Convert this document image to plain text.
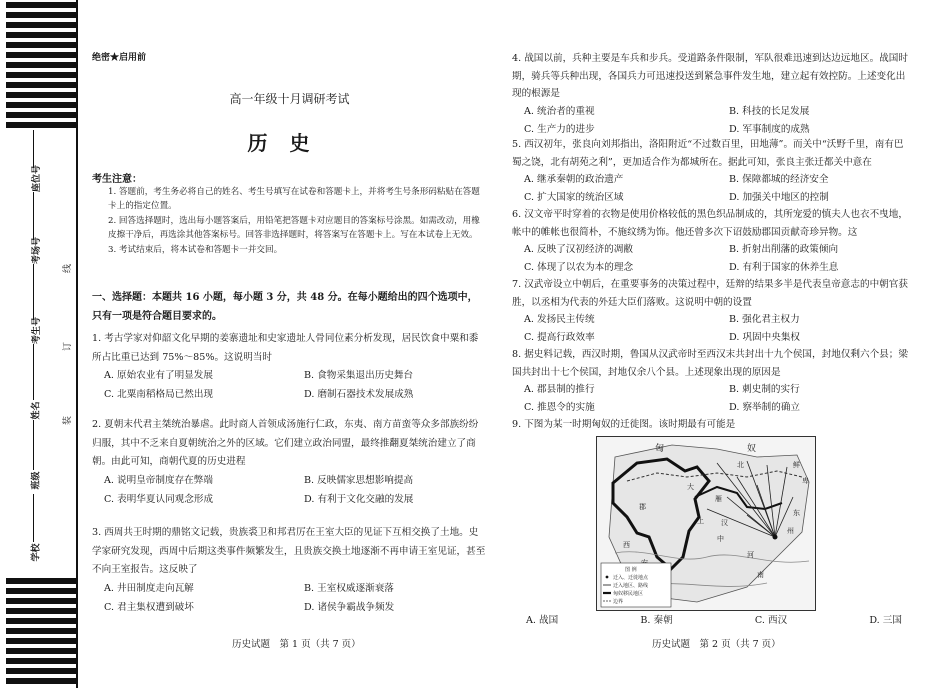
座位号
考场号
考生号
姓名
班级
学校
线
订
装
绝密★启用前
高一年级十月调研考试
历史
考生注意：

1. 答题前，考生务必将自己的姓名、考生号填写在试卷和答题卡上，并将考生号条形码粘贴在答题卡上的指定位置。

2. 回答选择题时，选出每小题答案后，用铅笔把答题卡对应题目的答案标号涂黑。如需改动，用橡皮擦干净后，再选涂其他答案标号。回答非选择题时，将答案写在答题卡上。写在本试卷上无效。

3. 考试结束后，将本试卷和答题卡一并交回。

一、选择题：本题共 16 小题，每小题 3 分，共 48 分。在每小题给出的四个选项中，只有一项是符合题目要求的。

1. 考古学家对仰韶文化早期的姜寨遗址和史家遗址人骨同位素分析发现，居民饮食中粟和黍所占比重已达到 75%～85%。这说明当时

A. 原始农业有了明显发展	B. 食物采集退出历史舞台
C. 北粟南稻格局已然出现	D. 磨制石器技术发展成熟

2. 夏朝末代君主桀统治暴虐。此时商人首领成汤施行仁政，东夷、南方苗蛮等众多部族纷纷归服，其中不乏来自夏朝统治之外的区域。它们建立政治同盟，最终推翻夏桀统治建立了商朝。由此可知，商朝代夏的历史进程

A. 说明皇帝制度存在弊端	B. 反映儒家思想影响提高
C. 表明华夏认同观念形成	D. 有利于文化交融的发展

3. 西周共王时期的鼎铭文记载，贵族裘卫和邦君厉在王室大臣的见证下互相交换了土地。史学家研究发现，西周中后期这类事件频繁发生，且贵族交换土地逐渐不再申请王室见证，甚至不向王室报告。这反映了

A. 井田制度走向瓦解	B. 王室权威逐渐衰落
C. 君主集权遭到破坏	D. 诸侯争霸战争频发
历史试题　第 1 页（共 7 页）

4. 战国以前，兵种主要是车兵和步兵。受道路条件限制，军队很难迅速到达边远地区。战国时期，骑兵等兵种出现，各国兵力可迅速投送到紧急事件发生地，建立起有效控防。上述变化出现的根源是

A. 统治者的重视	B. 科技的长足发展
C. 生产力的进步	D. 军事制度的成熟

5. 西汉初年，张良向刘邦指出，洛阳附近“不过数百里，田地薄”。而关中“沃野千里，南有巴蜀之饶，北有胡苑之利”，更加适合作为都城所在。据此可知，张良主张迁都关中意在

A. 继承秦朝的政治遗产	B. 保障都城的经济安全
C. 扩大国家的统治区域	D. 加强关中地区的控制

6. 汉文帝平时穿着的衣物是使用价格较低的黑色织品制成的，其所宠爱的慎夫人也衣不曳地，帐中的帷帐也很简朴，不施纹绣为饰。他还曾多次下诏鼓励郡国贡献奇珍异物。这

A. 反映了汉初经济的凋敝	B. 折射出削藩的政策倾向
C. 体现了以农为本的理念	D. 有利于国家的休养生息

7. 汉武帝设立中朝后，在重要事务的决策过程中，廷辩的结果多半是代表皇帝意志的中朝官获胜，以丞相为代表的外廷大臣们落败。这说明中朝的设置

A. 发扬民主传统	B. 强化君主权力
C. 提高行政效率	D. 巩固中央集权

8. 据史料记载，西汉时期，鲁国从汉武帝时至西汉末共封出十九个侯国，封地仅剩六个县；梁国共封出十七个侯国，封地仅余八个县。上述现象出现的原因是

A. 郡县制的推行	B. 刺史制的实行
C. 推恩令的实施	D. 察举制的确立

9. 下图为某一时期匈奴的迁徙图。该时期最有可能是

匈	奴
鲜
卑
大
汉
郡
州
河
雁
上
东
南
北
西
中
图 例
迁入、迁徙地点
迁入地区、路线
匈奴移民地区
边界
A. 战国	B. 秦朝	C. 西汉	D. 三国
历史试题　第 2 页（共 7 页）
